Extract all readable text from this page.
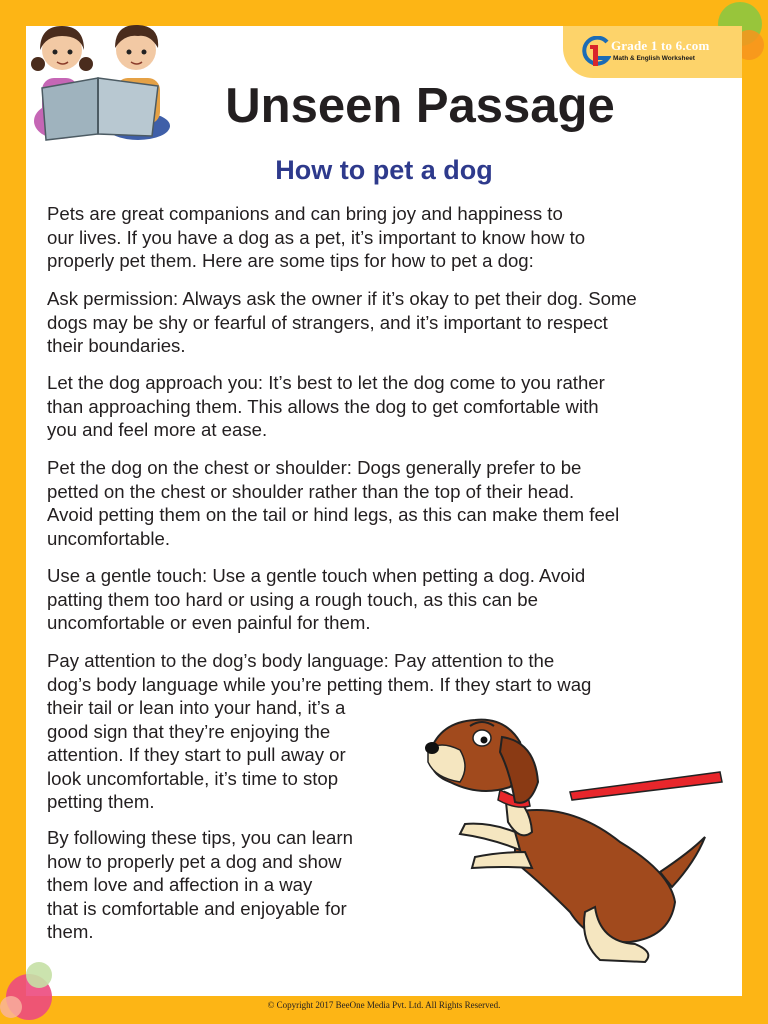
Grade 1 to 6.com
Math & English Worksheet
Unseen Passage
How to pet a dog

Pets are great companions and can bring joy and happiness to
our lives. If you have a dog as a pet, it’s important to know how to
properly pet them. Here are some tips for how to pet a dog:

Ask permission: Always ask the owner if it’s okay to pet their dog. Some
dogs may be shy or fearful of strangers, and it’s important to respect
their boundaries.

Let the dog approach you: It’s best to let the dog come to you rather
than approaching them. This allows the dog to get comfortable with
you and feel more at ease.

Pet the dog on the chest or shoulder: Dogs generally prefer to be
petted on the chest or shoulder rather than the top of their head.
Avoid petting them on the tail or hind legs, as this can make them feel
uncomfortable.

Use a gentle touch: Use a gentle touch when petting a dog. Avoid
patting them too hard or using a rough touch, as this can be
uncomfortable or even painful for them.

Pay attention to the dog’s body language: Pay attention to the
dog’s body language while you’re petting them. If they start to wag
their tail or lean into your hand, it’s a
good sign that they’re enjoying the
attention. If they start to pull away or
look uncomfortable, it’s time to stop
petting them.

By following these tips, you can learn
how to properly pet a dog and show
them love and affection in a way
that is comfortable and enjoyable for
them.

© Copyright 2017 BeeOne Media Pvt. Ltd. All Rights Reserved.
